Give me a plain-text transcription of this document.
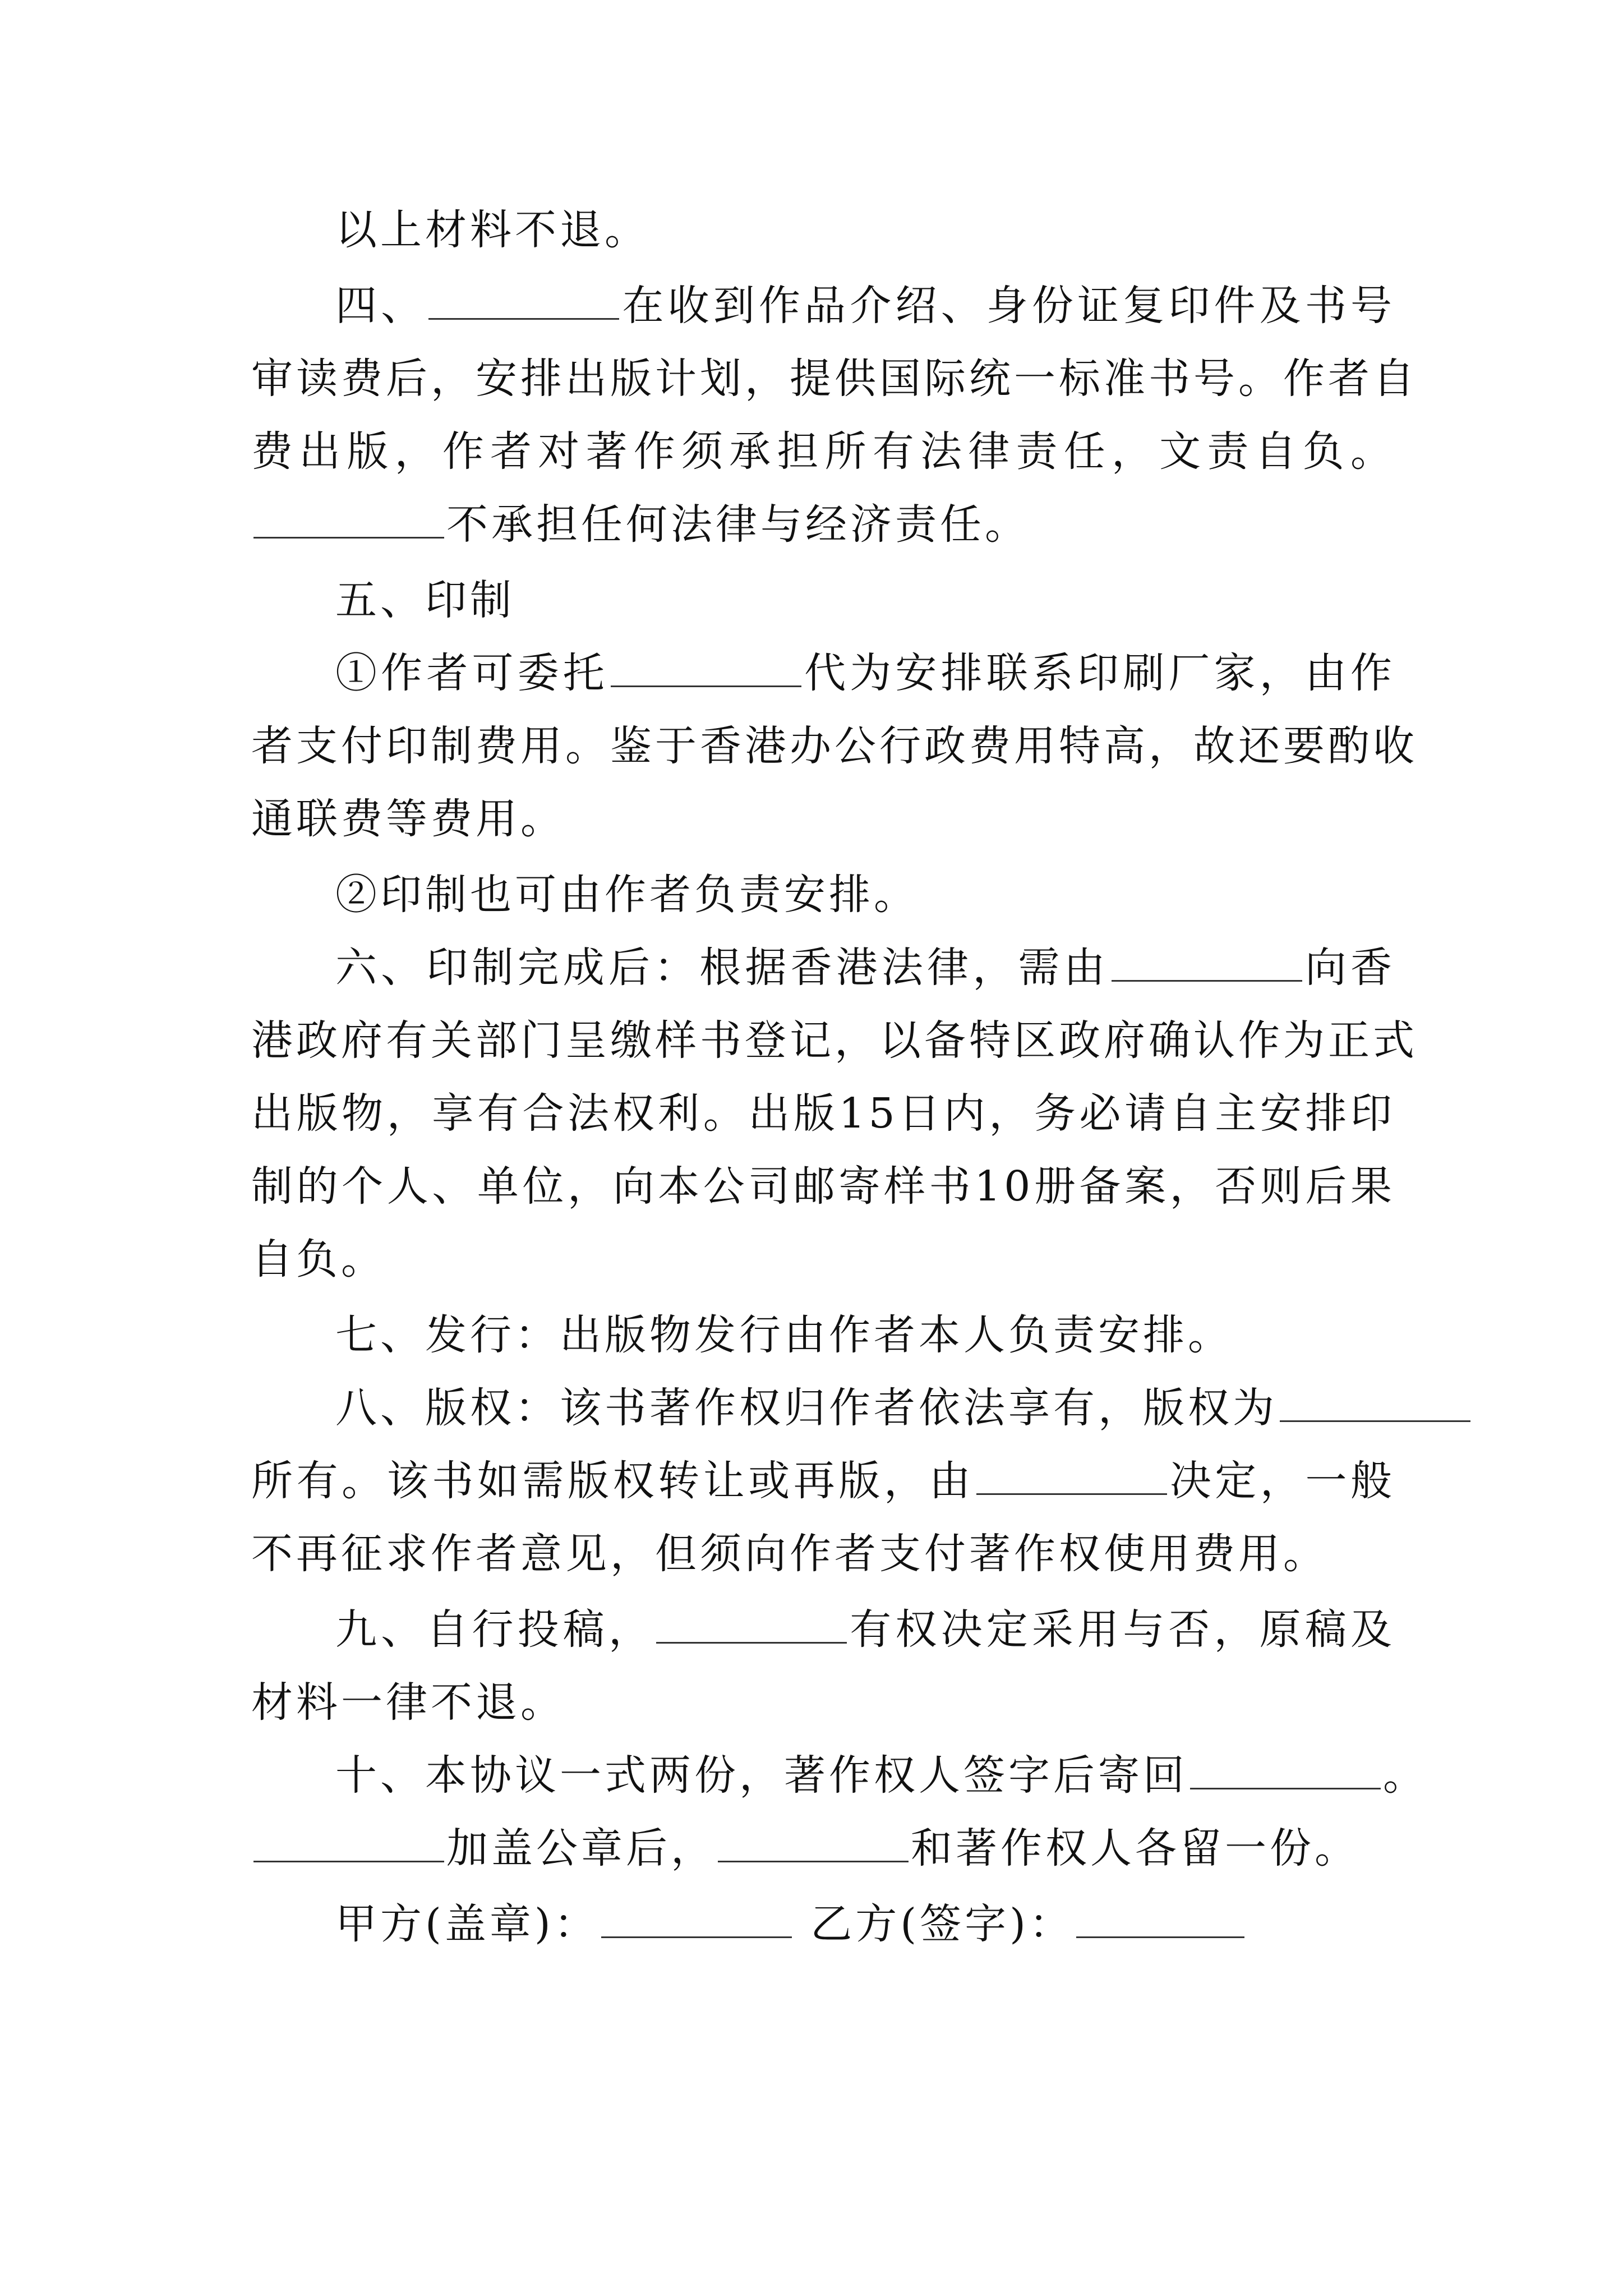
以上材料不退。
四、	在收到作品介绍、身份证复印件及书号
审读费后，安排出版计划，提供国际统一标准书号。作者自
费出版，作者对著作须承担所有法律责任，文责自负。
不承担任何法律与经济责任。
五、印制
①作者可委托	代为安排联系印刷厂家，由作
者支付印制费用。鉴于香港办公行政费用特高，故还要酌收
通联费等费用。
②印制也可由作者负责安排。
六、印制完成后：根据香港法律，需由	向香
港政府有关部门呈缴样书登记，以备特区政府确认作为正式
出版物，享有合法权利。出版15日内，务必请自主安排印
制的个人、单位，向本公司邮寄样书10册备案，否则后果
自负。
七、发行：出版物发行由作者本人负责安排。
八、版权：该书著作权归作者依法享有，版权为
所有。该书如需版权转让或再版，由	决定，一般
不再征求作者意见，但须向作者支付著作权使用费用。
九、自行投稿，	有权决定采用与否，原稿及
材料一律不退。
十、本协议一式两份，著作权人签字后寄回	。
加盖公章后，	和著作权人各留一份。
甲方(盖章)：	乙方(签字)：
